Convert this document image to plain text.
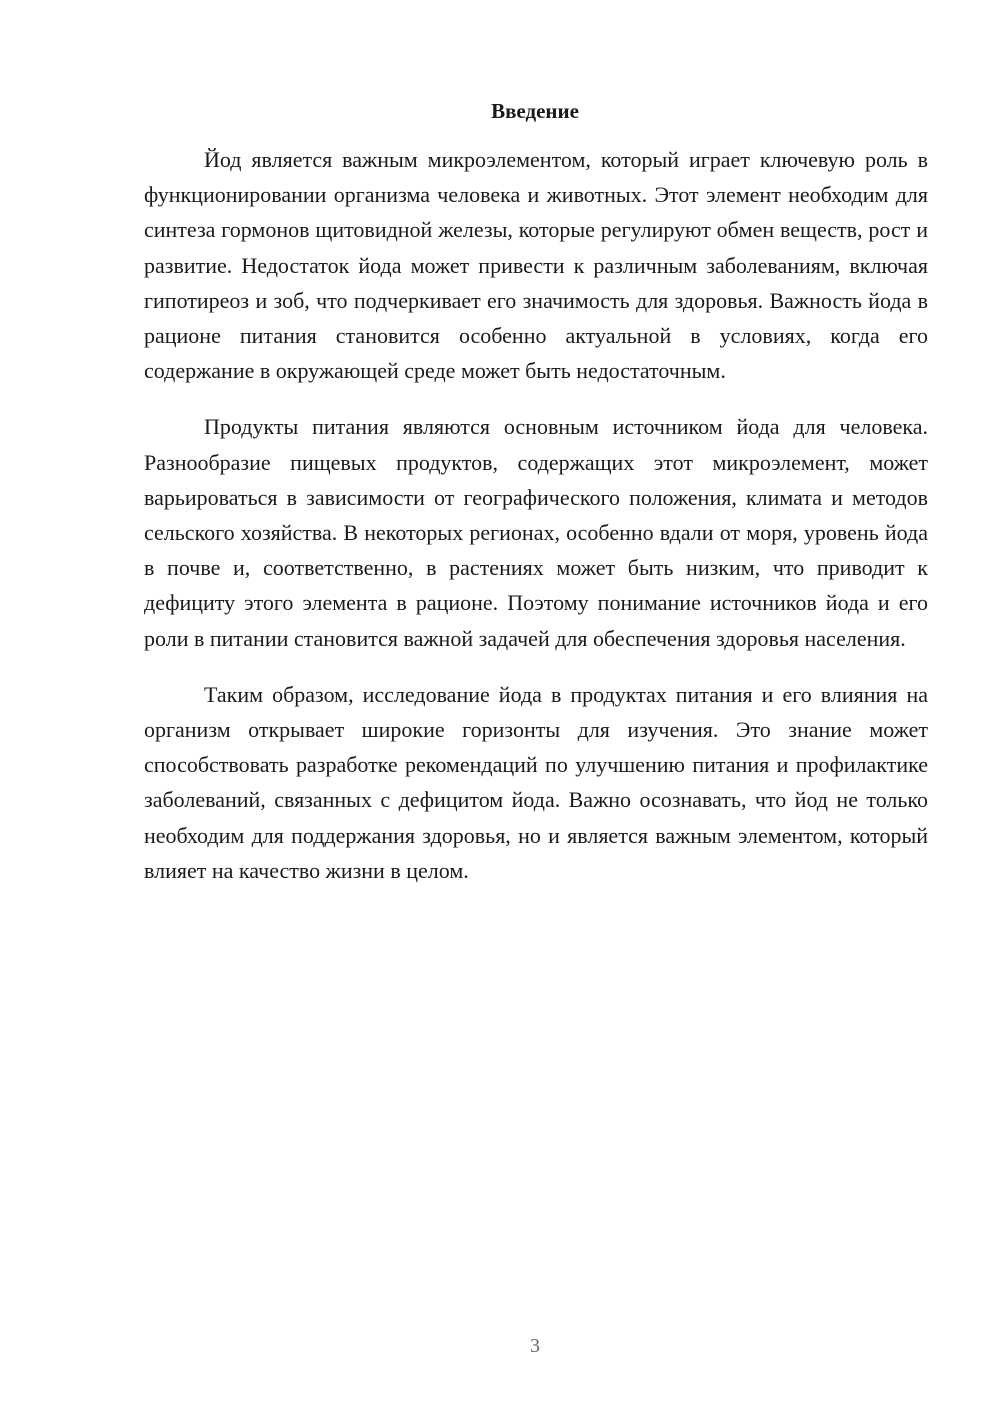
Введение

Йод является важным микроэлементом, который играет ключевую роль в функционировании организма человека и животных. Этот элемент необходим для синтеза гормонов щитовидной железы, которые регулируют обмен веществ, рост и развитие. Недостаток йода может привести к различным заболеваниям, включая гипотиреоз и зоб, что подчеркивает его значимость для здоровья. Важность йода в рационе питания становится особенно актуальной в условиях, когда его содержание в окружающей среде может быть недостаточным.

Продукты питания являются основным источником йода для человека. Разнообразие пищевых продуктов, содержащих этот микроэлемент, может варьироваться в зависимости от географического положения, климата и методов сельского хозяйства. В некоторых регионах, особенно вдали от моря, уровень йода в почве и, соответственно, в растениях может быть низким, что приводит к дефициту этого элемента в рационе. Поэтому понимание источников йода и его роли в питании становится важной задачей для обеспечения здоровья населения.

Таким образом, исследование йода в продуктах питания и его влияния на организм открывает широкие горизонты для изучения. Это знание может способствовать разработке рекомендаций по улучшению питания и профилактике заболеваний, связанных с дефицитом йода. Важно осознавать, что йод не только необходим для поддержания здоровья, но и является важным элементом, который влияет на качество жизни в целом.

3
